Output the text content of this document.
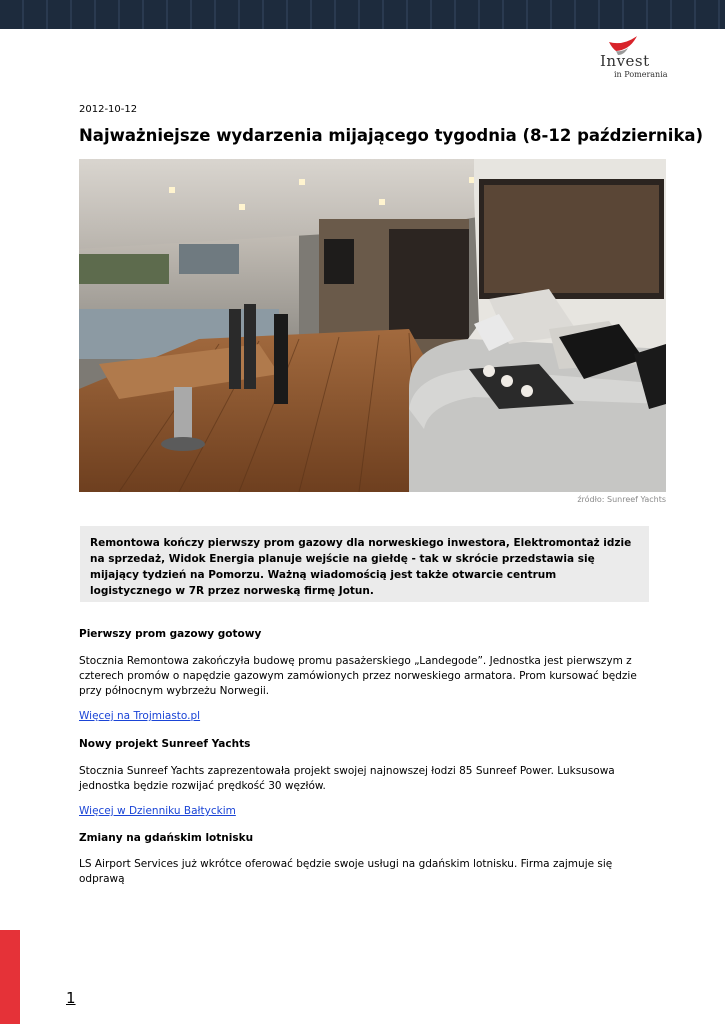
Invest
in Pomerania
2012-10-12
Najważniejsze wydarzenia mijającego tygodnia (8-12 października)
źródło: Sunreef Yachts

Remontowa kończy pierwszy prom gazowy dla norweskiego inwestora, Elektromontaż idzie na sprzedaż, Widok Energia planuje wejście na giełdę - tak w skrócie przedstawia się mijający tydzień na Pomorzu. Ważną wiadomością jest także otwarcie centrum logistycznego w 7R przez norweską firmę Jotun.

Pierwszy prom gazowy gotowy

Stocznia Remontowa zakończyła budowę promu pasażerskiego „Landegode”. Jednostka jest pierwszym z czterech promów o napędzie gazowym zamówionych przez norweskiego armatora. Prom kursować będzie przy północnym wybrzeżu Norwegii.

Więcej na Trojmiasto.pl
Nowy projekt Sunreef Yachts

Stocznia Sunreef Yachts zaprezentowała projekt swojej najnowszej łodzi 85 Sunreef Power. Luksusowa jednostka będzie rozwijać prędkość 30 węzłów.

Więcej w Dzienniku Bałtyckim
Zmiany na gdańskim lotnisku

LS Airport Services już wkrótce oferować będzie swoje usługi na gdańskim lotnisku. Firma zajmuje się odprawą

1
